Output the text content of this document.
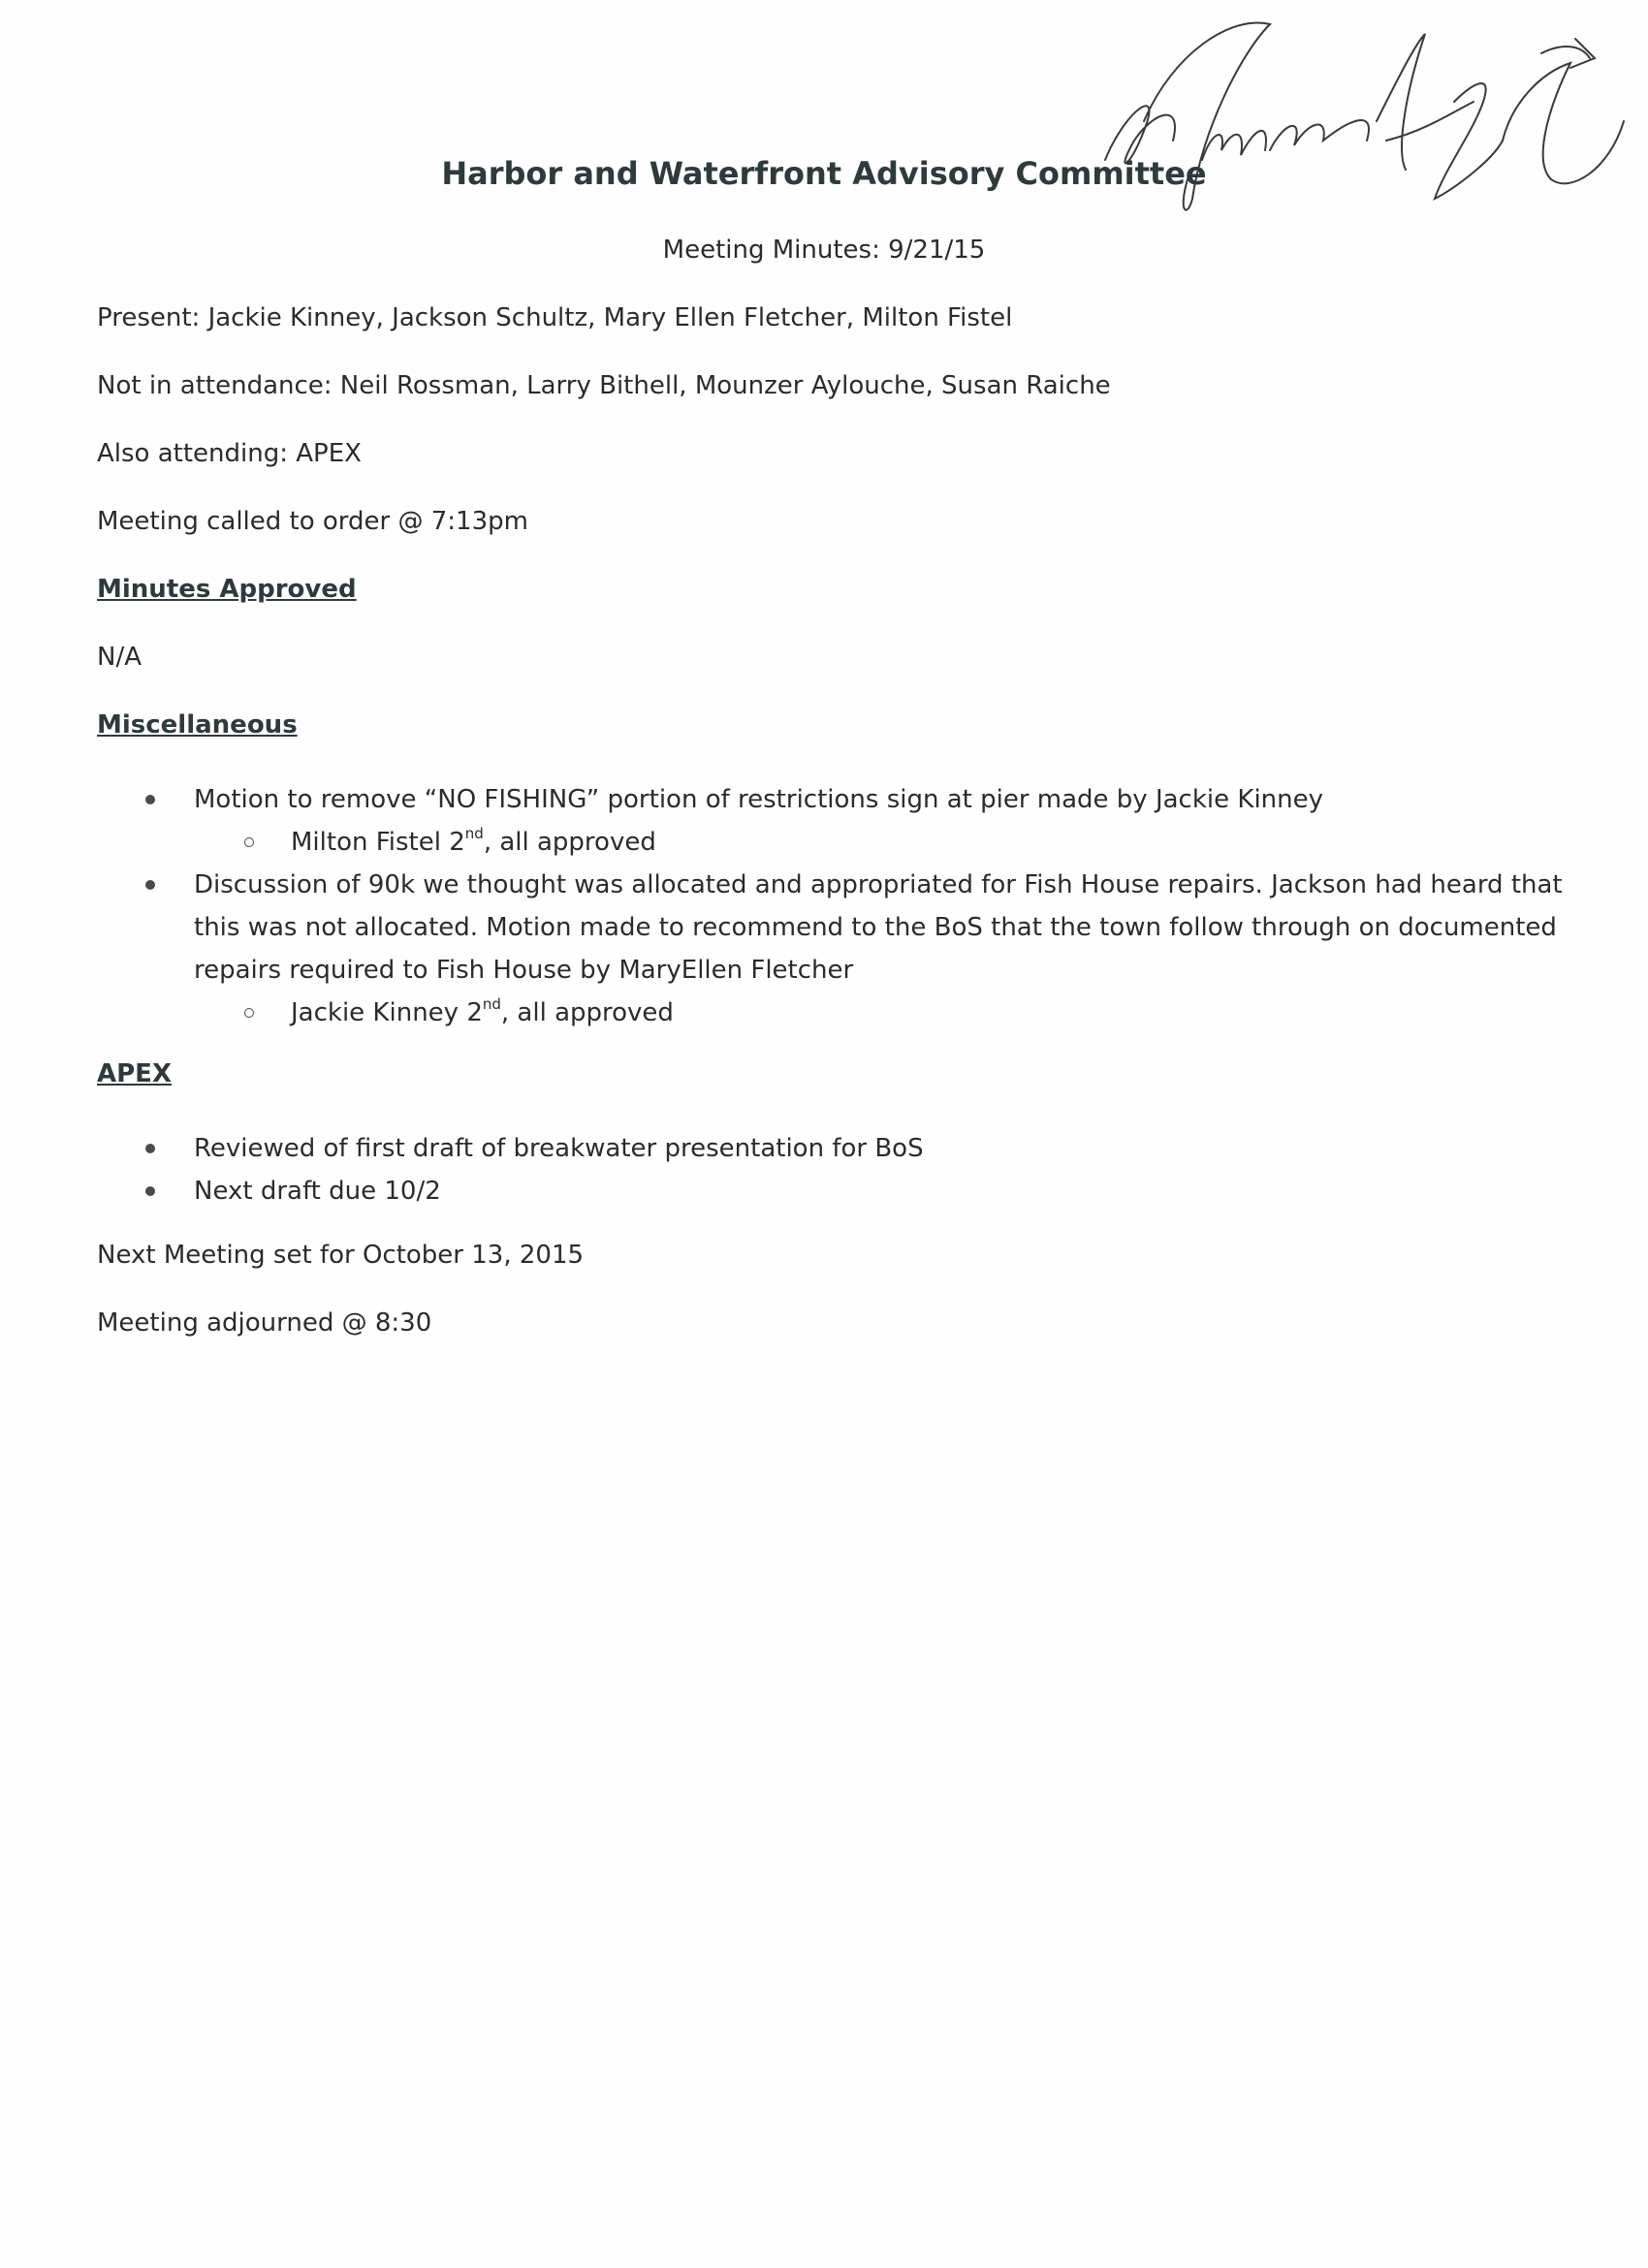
Harbor and Waterfront Advisory Committee
Meeting Minutes: 9/21/15
Present: Jackie Kinney, Jackson Schultz, Mary Ellen Fletcher, Milton Fistel
Not in attendance: Neil Rossman, Larry Bithell, Mounzer Aylouche, Susan Raiche
Also attending: APEX
Meeting called to order @ 7:13pm
Minutes Approved
N/A
Miscellaneous
Motion to remove “NO FISHING” portion of restrictions sign at pier made by Jackie Kinney
Milton Fistel 2nd, all approved
Discussion of 90k we thought was allocated and appropriated for Fish House repairs. Jackson had heard that this was not allocated. Motion made to recommend to the BoS that the town follow through on documented repairs required to Fish House by MaryEllen Fletcher
Jackie Kinney 2nd, all approved
APEX
Reviewed of first draft of breakwater presentation for BoS
Next draft due 10/2
Next Meeting set for October 13, 2015
Meeting adjourned @ 8:30
